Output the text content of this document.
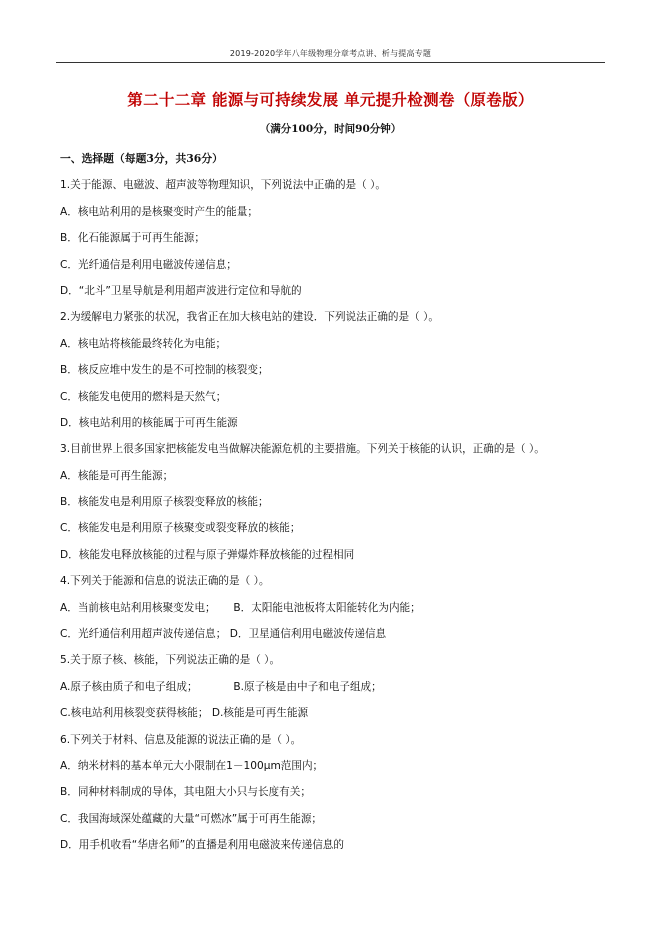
2019-2020学年八年级物理分章考点讲、析与提高专题
第二十二章 能源与可持续发展 单元提升检测卷（原卷版）
（满分100分，时间90分钟）
一、选择题（每题3分，共36分）
1.关于能源、电磁波、超声波等物理知识，下列说法中正确的是（ ）。
A．核电站利用的是核聚变时产生的能量；
B．化石能源属于可再生能源；
C．光纤通信是利用电磁波传递信息；
D．“北斗”卫星导航是利用超声波进行定位和导航的
2.为缓解电力紧张的状况，我省正在加大核电站的建设．下列说法正确的是（ ）。
A．核电站将核能最终转化为电能；
B．核反应堆中发生的是不可控制的核裂变；
C．核能发电使用的燃料是天然气；
D．核电站利用的核能属于可再生能源
3.目前世界上很多国家把核能发电当做解决能源危机的主要措施。下列关于核能的认识，正确的是（ ）。
A．核能是可再生能源；
B．核能发电是利用原子核裂变释放的核能；
C．核能发电是利用原子核聚变或裂变释放的核能；
D．核能发电释放核能的过程与原子弹爆炸释放核能的过程相同
4.下列关于能源和信息的说法正确的是（ ）。
A．当前核电站利用核聚变发电； B．太阳能电池板将太阳能转化为内能；
C．光纤通信利用超声波传递信息； D．卫星通信利用电磁波传递信息
5.关于原子核、核能，下列说法正确的是（ ）。
A.原子核由质子和电子组成；	B.原子核是由中子和电子组成；
C.核电站利用核裂变获得核能； D.核能是可再生能源
6.下列关于材料、信息及能源的说法正确的是（ ）。
A．纳米材料的基本单元大小限制在1－100μm范围内；
B．同种材料制成的导体，其电阻大小只与长度有关；
C．我国海域深处蕴藏的大量“可燃冰”属于可再生能源；
D．用手机收看“华唐名师”的直播是利用电磁波来传递信息的
